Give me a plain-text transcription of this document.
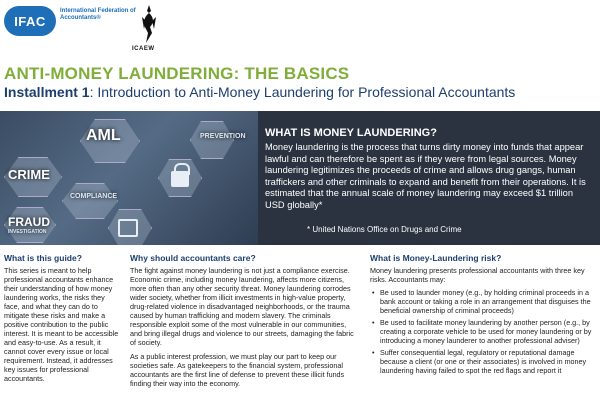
IFAC
International Federation of Accountants®
ICAEW
ANTI-MONEY LAUNDERING: THE BASICS
Installment 1: Introduction to Anti-Money Laundering for Professional Accountants
AML	PREVENTION
CRIME
COMPLIANCE
FRAUD
INVESTIGATION
WHAT IS MONEY LAUNDERING?
Money laundering is the process that turns dirty money into funds that appear lawful and can therefore be spent as if they were from legal sources. Money laundering legitimizes the proceeds of crime and allows drug gangs, human traffickers and other criminals to expand and benefit from their operations. It is estimated that the annual scale of money laundering may exceed $1 trillion USD globally*
* United Nations Office on Drugs and Crime
What is this guide?
This series is meant to help professional accountants enhance their understanding of how money laundering works, the risks they face, and what they can do to mitigate these risks and make a positive contribution to the public interest. It is meant to be accessible and easy-to-use. As a result, it cannot cover every issue or local requirement. Instead, it addresses key issues for professional accountants.
Why should accountants care?

The fight against money laundering is not just a compliance exercise. Economic crime, including money laundering, affects more citizens, more often than any other security threat. Money laundering corrodes wider society, whether from illicit investments in high-value property, drug-related violence in disadvantaged neighborhoods, or the trauma caused by human trafficking and modern slavery. The criminals responsible exploit some of the most vulnerable in our communities, and bring illegal drugs and violence to our streets, damaging the fabric of society.

As a public interest profession, we must play our part to keep our societies safe. As gatekeepers to the financial system, professional accountants are the first line of defense to prevent these illicit funds finding their way into the economy.

What is Money-Laundering risk?
Money laundering presents professional accountants with three key risks. Accountants may:
• Be used to launder money (e.g., by holding criminal proceeds in a bank account or taking a role in an arrangement that disguises the beneficial ownership of criminal proceeds)
• Be used to facilitate money laundering by another person (e.g., by creating a corporate vehicle to be used for money laundering or by introducing a money launderer to another professional adviser)
• Suffer consequential legal, regulatory or reputational damage because a client (or one or their associates) is involved in money laundering having failed to spot the red flags and report it
